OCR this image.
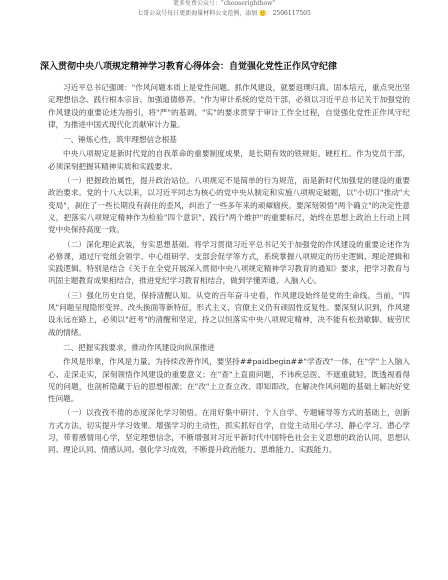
更多免费公众号："chooserighthow"
七哥公众号每日更新海量材料公文范例，添加 🙂：2506117505
深入贯彻中央八项规定精神学习教育心得体会：自觉强化党性正作风守纪律

习近平总书记强调："作风问题本质上是党性问题。抓作风建设，就要返璞归真、固本培元，重点突出坚定理想信念、践行根本宗旨、加强道德修养。"作为审计系统的党员干部，必须以习近平总书记关于加强党的作风建设的重要论述为指引，将"严"的基调、"实"的要求贯穿于审计工作全过程，自觉强化党性正作风守纪律，为推进中国式现代化贡献审计力量。

一、锤炼心性，筑牢理想信念根基

中央八项规定是新时代党的自我革命的重要制度成果，是长期有效的铁规矩、硬杠杠。作为党员干部，必须深刻把握其精神实质和实践要求。

（一）把握政治属性，提升政治站位。八项规定不是简单的行为规范，而是新时代加强党的建设的重要政治要求。党的十八大以来，以习近平同志为核心的党中央从制定和实施八项规定破题，以"小切口"推动"大变局"，刹住了一些长期没有刹住的歪风，纠治了一些多年来的顽瘴痼疾。要深刻领悟"两个确立"的决定性意义，把落实八项规定精神作为检验"四个意识"、践行"两个维护"的重要标尺，始终在思想上政治上行动上同党中央保持高度一致。

（二）深化理论武装，夯实思想基础。将学习贯彻习近平总书记关于加强党的作风建设的重要论述作为必修课，通过厅党组会领学、中心组研学、支部会促学等方式，系统掌握八项规定的历史逻辑、理论逻辑和实践逻辑。特别是结合《关于在全党开展深入贯彻中央八项规定精神学习教育的通知》要求，把学习教育与巩固主题教育成果相结合，推进党纪学习教育相结合，做到学懂弄通、入脑入心。

（三）强化历史自觉，保持清醒认知。从党的百年奋斗史看，作风建设始终是党的生命线。当前，"四风"问题呈现隐形变异、改头换面等新特征，形式主义、官僚主义仍有顽固性反复性。要深刻认识到，作风建设永远在路上，必须以"赶考"的清醒和坚定，持之以恒落实中央八项规定精神，决不能有松劲歇脚、疲劳厌战的情绪。

二、把握实践要求，推动作风建设向纵深推进

作风是形象，作风是力量。为持续改善作风，要坚持##paidbegin##"学查改"一体，在"学"上入脑入心、走深走实，深刻领悟作风建设的重要意义；在"查"上直面问题，不讳疾忌医、不遮重就轻，既透视看得见的问题，也剖析隐藏于后的思想根源；在"改"上立查立改、即知即改，在解决作风问题的基础上解决好党性问题。

（一）以孜孜不倦的态度深化学习领悟。在用好集中研讨、个人自学、专题辅导等方式的基础上，创新方式方法，切实提升学习效果。增强学习的主动性，抓实抓好自学，自觉主动用心学习、静心学习、潜心学习，带着感情用心学，坚定理想信念，不断增强对习近平新时代中国特色社会主义思想的政治认同、思想认同、理论认同、情感认同。强化学习成效，不断提升政治能力、思维能力、实践能力。
